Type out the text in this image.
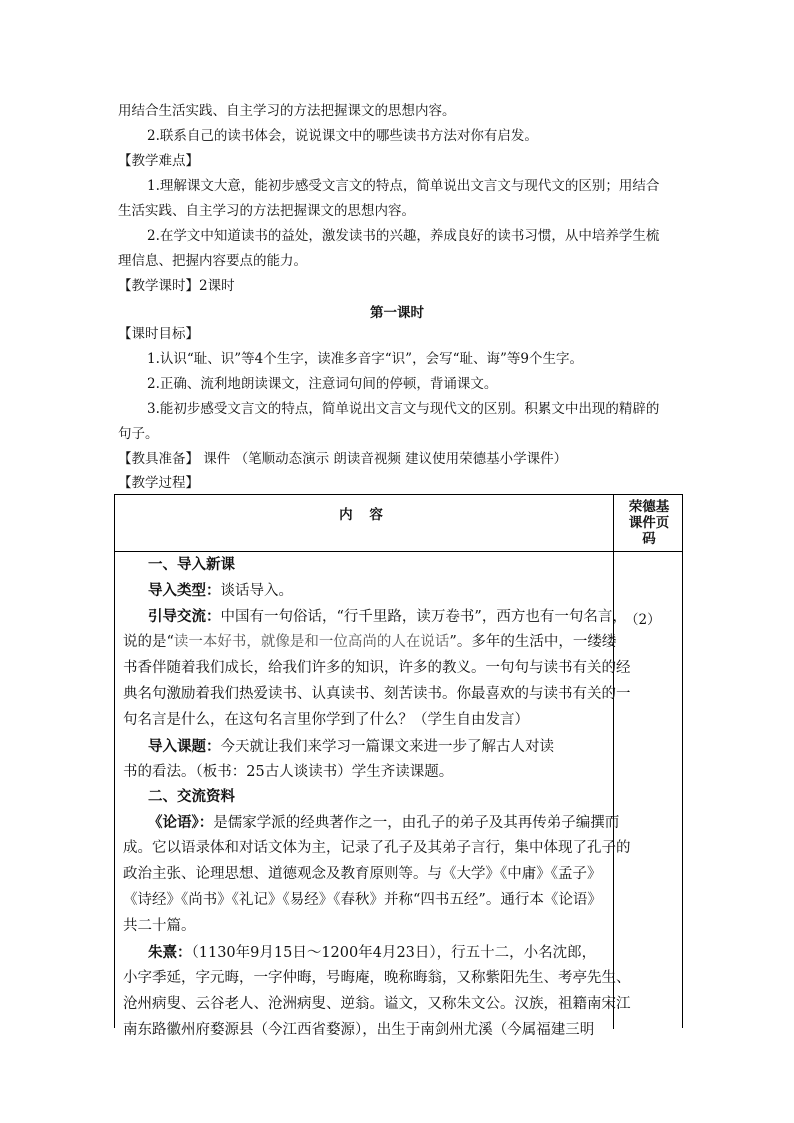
用结合生活实践、自主学习的方法把握课文的思想内容。
2.联系自己的读书体会，说说课文中的哪些读书方法对你有启发。
【教学难点】
1.理解课文大意，能初步感受文言文的特点，简单说出文言文与现代文的区别；用结合
生活实践、自主学习的方法把握课文的思想内容。
2.在学文中知道读书的益处，激发读书的兴趣，养成良好的读书习惯，从中培养学生梳
理信息、把握内容要点的能力。
【教学课时】2课时
第一课时
【课时目标】
1.认识“耻、识”等4个生字，读准多音字“识”，会写“耻、诲”等9个生字。
2.正确、流利地朗读课文，注意词句间的停顿，背诵课文。
3.能初步感受文言文的特点，简单说出文言文与现代文的区别。积累文中出现的精辟的
句子。
【教具准备】 课件 （笔顺动态演示 朗读音视频 建议使用荣德基小学课件）
【教学过程】
内 容	荣德基
课件页
码
（2）
一、导入新课
导入类型：谈话导入。
引导交流：中国有一句俗话，“行千里路，读万卷书”，西方也有一句名言，
说的是“读一本好书，就像是和一位高尚的人在说话”。多年的生活中，一缕缕
书香伴随着我们成长，给我们许多的知识，许多的教义。一句句与读书有关的经
典名句激励着我们热爱读书、认真读书、刻苦读书。你最喜欢的与读书有关的一
句名言是什么，在这句名言里你学到了什么？（学生自由发言）
导入课题：今天就让我们来学习一篇课文来进一步了解古人对读
书的看法。（板书：25古人谈读书）学生齐读课题。
二、交流资料
《论语》：是儒家学派的经典著作之一，由孔子的弟子及其再传弟子编撰而
成。它以语录体和对话文体为主，记录了孔子及其弟子言行，集中体现了孔子的
政治主张、论理思想、道德观念及教育原则等。与《大学》《中庸》《孟子》
《诗经》《尚书》《礼记》《易经》《春秋》并称“四书五经”。通行本《论语》
共二十篇。
朱熹：（1130年9月15日～1200年4月23日），行五十二，小名沈郎，
小字季延，字元晦，一字仲晦，号晦庵，晚称晦翁，又称紫阳先生、考亭先生、
沧州病叟、云谷老人、沧洲病叟、逆翁。谥文，又称朱文公。汉族，祖籍南宋江
南东路徽州府婺源县（今江西省婺源），出生于南剑州尤溪（今属福建三明
